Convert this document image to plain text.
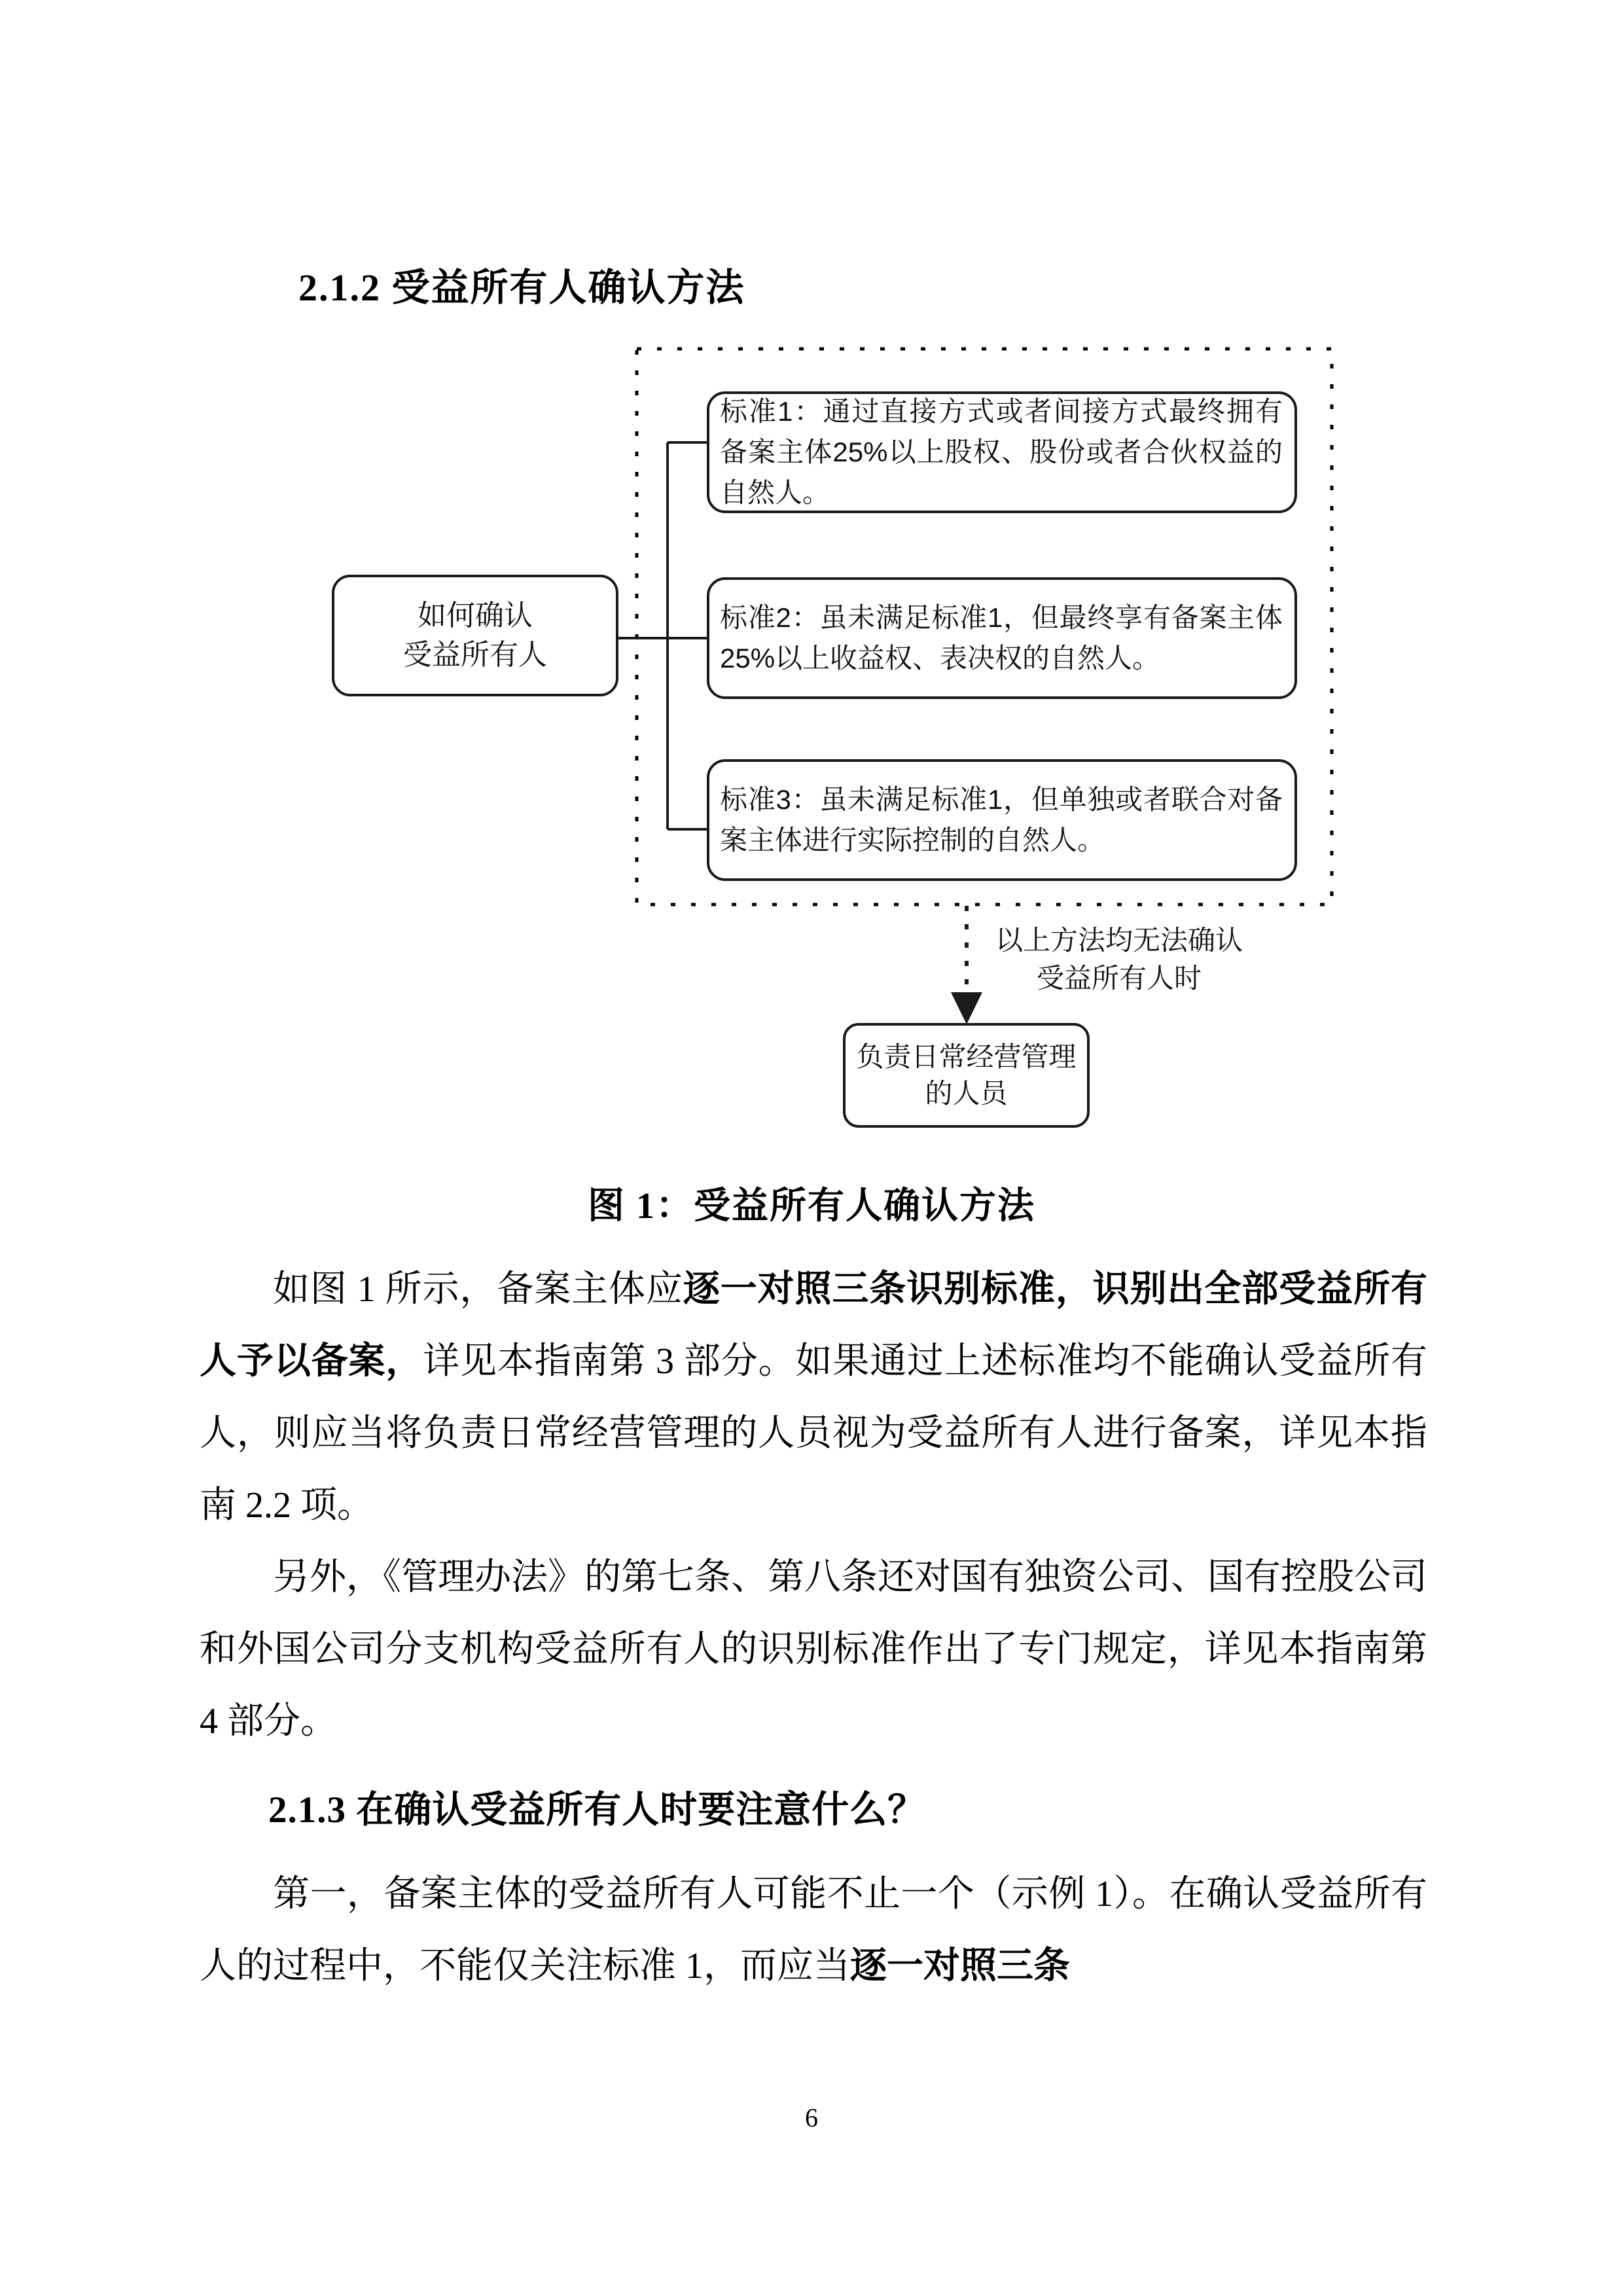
2.1.2 受益所有人确认方法
如何确认
受益所有人
标准1：通过直接方式或者间接方式最终拥有备案主体25%以上股权、股份或者合伙权益的自然人。
标准2：虽未满足标准1，但最终享有备案主体25%以上收益权、表决权的自然人。
标准3：虽未满足标准1，但单独或者联合对备案主体进行实际控制的自然人。
以上方法均无法确认
受益所有人时
负责日常经营管理
的人员
图 1：受益所有人确认方法

如图 1 所示，备案主体应逐一对照三条识别标准，识别出全部受益所有人予以备案，详见本指南第 3 部分。如果通过上述标准均不能确认受益所有人，则应当将负责日常经营管理的人员视为受益所有人进行备案，详见本指南 2.2 项。

另外，《管理办法》的第七条、第八条还对国有独资公司、国有控股公司和外国公司分支机构受益所有人的识别标准作出了专门规定，详见本指南第 4 部分。

2.1.3 在确认受益所有人时要注意什么？

第一，备案主体的受益所有人可能不止一个（示例 1）。在确认受益所有人的过程中，不能仅关注标准 1，而应当逐一对照三条

6
